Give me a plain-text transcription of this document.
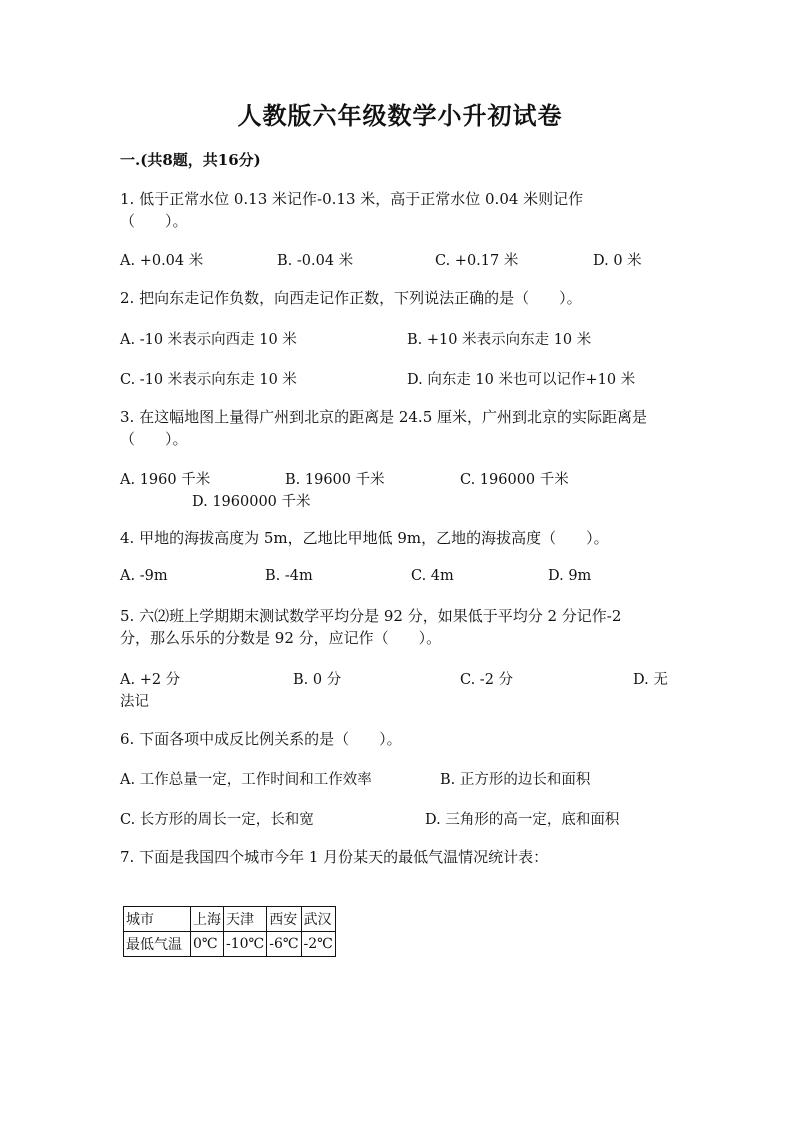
人教版六年级数学小升初试卷
一.(共8题，共16分)
1. 低于正常水位 0.13 米记作-0.13 米，高于正常水位 0.04 米则记作
（　　）。
A. +0.04 米	B. -0.04 米	C. +0.17 米	D. 0 米
2. 把向东走记作负数，向西走记作正数，下列说法正确的是（　　）。
A. -10 米表示向西走 10 米	B. +10 米表示向东走 10 米
C. -10 米表示向东走 10 米	D. 向东走 10 米也可以记作+10 米
3. 在这幅地图上量得广州到北京的距离是 24.5 厘米，广州到北京的实际距离是
（　　）。
A. 1960 千米	B. 19600 千米	C. 196000 千米
D. 1960000 千米
4. 甲地的海拔高度为 5m，乙地比甲地低 9m，乙地的海拔高度（　　）。
A. -9m	B. -4m	C. 4m	D. 9m
5. 六⑵班上学期期末测试数学平均分是 92 分，如果低于平均分 2 分记作-2
分，那么乐乐的分数是 92 分，应记作（　　）。
A. +2 分	B. 0 分	C. -2 分	D. 无
法记
6. 下面各项中成反比例关系的是（　　）。
A. 工作总量一定，工作时间和工作效率	B. 正方形的边长和面积
C. 长方形的周长一定，长和宽	D. 三角形的高一定，底和面积
7. 下面是我国四个城市今年 1 月份某天的最低气温情况统计表：
城市	上海	天津	西安	武汉
最低气温	0℃	-10℃	-6℃	-2℃
